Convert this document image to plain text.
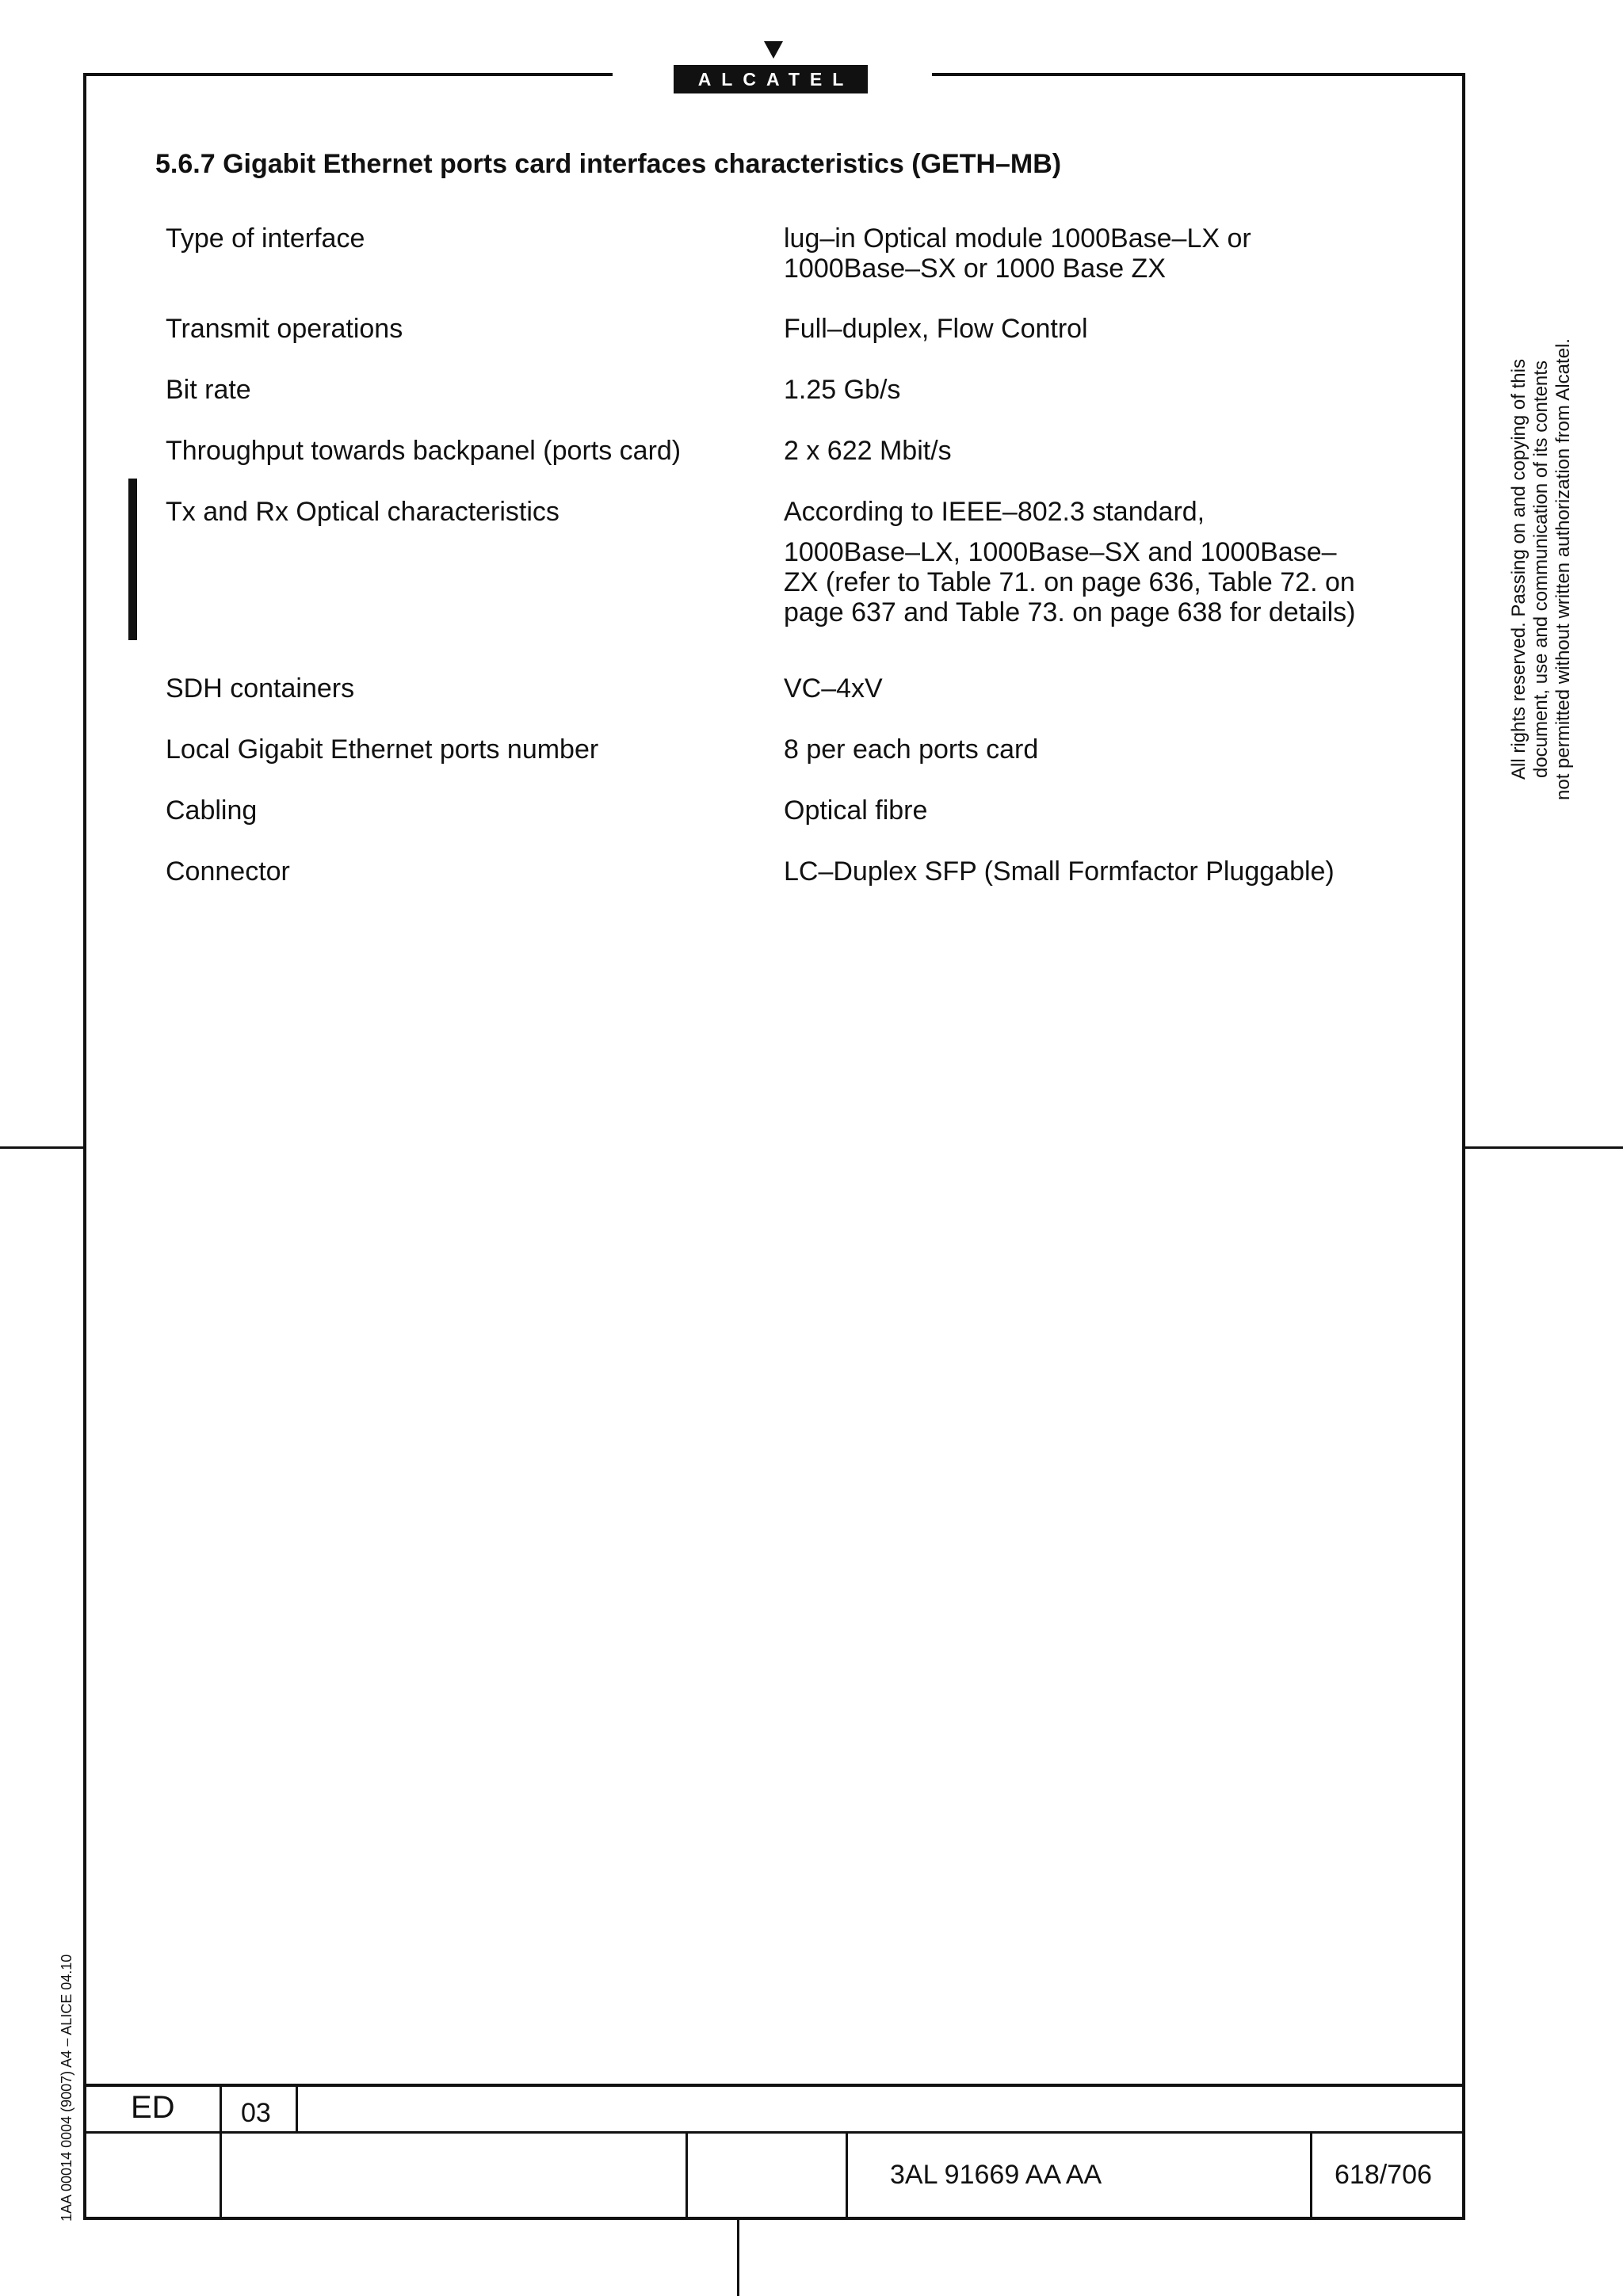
ALCATEL
5.6.7 Gigabit Ethernet ports card interfaces characteristics (GETH–MB)
Type of interface	lug–in Optical module 1000Base–LX or
1000Base–SX or 1000 Base ZX
Transmit operations	Full–duplex, Flow Control
Bit rate	1.25 Gb/s
Throughput towards backpanel (ports card)	2 x 622 Mbit/s
Tx and Rx Optical characteristics	According to IEEE–802.3 standard,
1000Base–LX, 1000Base–SX and 1000Base–
ZX (refer to Table 71. on page 636, Table 72. on
page 637 and Table 73. on page 638 for details)
SDH containers	VC–4xV
Local Gigabit Ethernet ports number	8 per each ports card
Cabling	Optical fibre
Connector	LC–Duplex SFP (Small Formfactor Pluggable)
All rights reserved. Passing on and copying of this document, use and communication of its contents not permitted without written authorization from Alcatel.
1AA 00014 0004 (9007) A4 – ALICE 04.10 ED 03
3AL 91669 AA AA	618/706
